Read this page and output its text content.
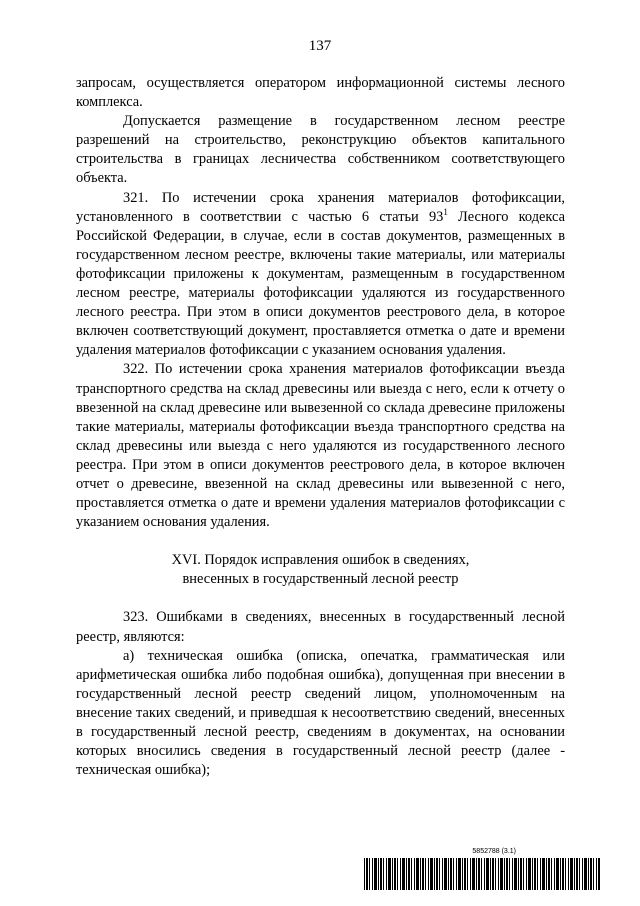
137

запросам, осуществляется оператором информационной системы лесного комплекса.

Допускается размещение в государственном лесном реестре разрешений на строительство, реконструкцию объектов капитального строительства в границах лесничества собственником соответствующего объекта.

321. По истечении срока хранения материалов фотофиксации, установленного в соответствии с частью 6 статьи $93^1$ Лесного кодекса Российской Федерации, в случае, если в состав документов, размещенных в государственном лесном реестре, включены такие материалы, или материалы фотофиксации приложены к документам, размещенным в государственном лесном реестре, материалы фотофиксации удаляются из государственного лесного реестра. При этом в описи документов реестрового дела, в которое включен соответствующий документ, проставляется отметка о дате и времени удаления материалов фотофиксации с указанием основания удаления.

322. По истечении срока хранения материалов фотофиксации въезда транспортного средства на склад древесины или выезда с него, если к отчету о ввезенной на склад древесине или вывезенной со склада древесине приложены такие материалы, материалы фотофиксации въезда транспортного средства на склад древесины или выезда с него удаляются из государственного лесного реестра. При этом в описи документов реестрового дела, в которое включен отчет о древесине, ввезенной на склад древесины или вывезенной с него, проставляется отметка о дате и времени удаления материалов фотофиксации с указанием основания удаления.

XVI. Порядок исправления ошибок в сведениях,
внесенных в государственный лесной реестр

323. Ошибками в сведениях, внесенных в государственный лесной реестр, являются:

а) техническая ошибка (описка, опечатка, грамматическая или арифметическая ошибка либо подобная ошибка), допущенная при внесении в государственный лесной реестр сведений лицом, уполномоченным на внесение таких сведений, и приведшая к несоответствию сведений, внесенных в государственный лесной реестр, сведениям в документах, на основании которых вносились сведения в государственный лесной реестр (далее - техническая ошибка);

5852788 (3.1)
